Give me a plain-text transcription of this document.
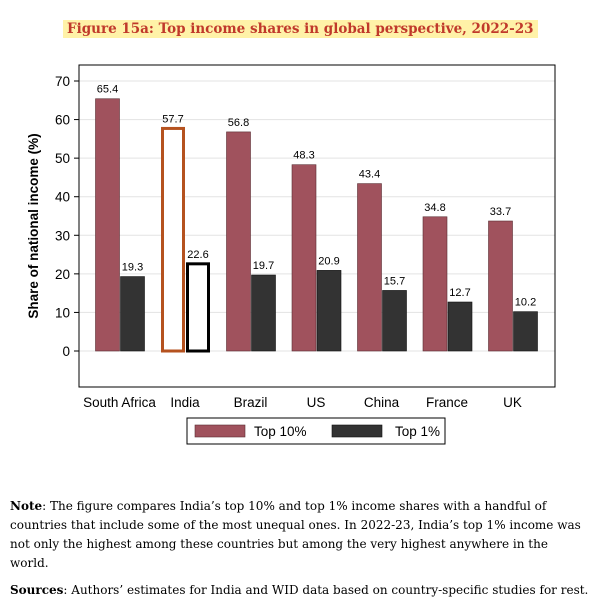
Figure 15a: Top income shares in global perspective, 2022-23
0
10
20
30
40
50
60
70
65.4
19.3
57.7
22.6
56.8
19.7
48.3
20.9
43.4
15.7
34.8
12.7
33.7
10.2
South Africa India	Brazil	US	China France	UK
Share of national income (%)
Top 10%	Top 1%
Note: The figure compares India’s top 10% and top 1% income shares with a handful of countries that include some of the most unequal ones. In 2022-23, India’s top 1% income was not only the highest among these countries but among the very highest anywhere in the world.
Sources: Authors’ estimates for India and WID data based on country-specific studies for rest.
